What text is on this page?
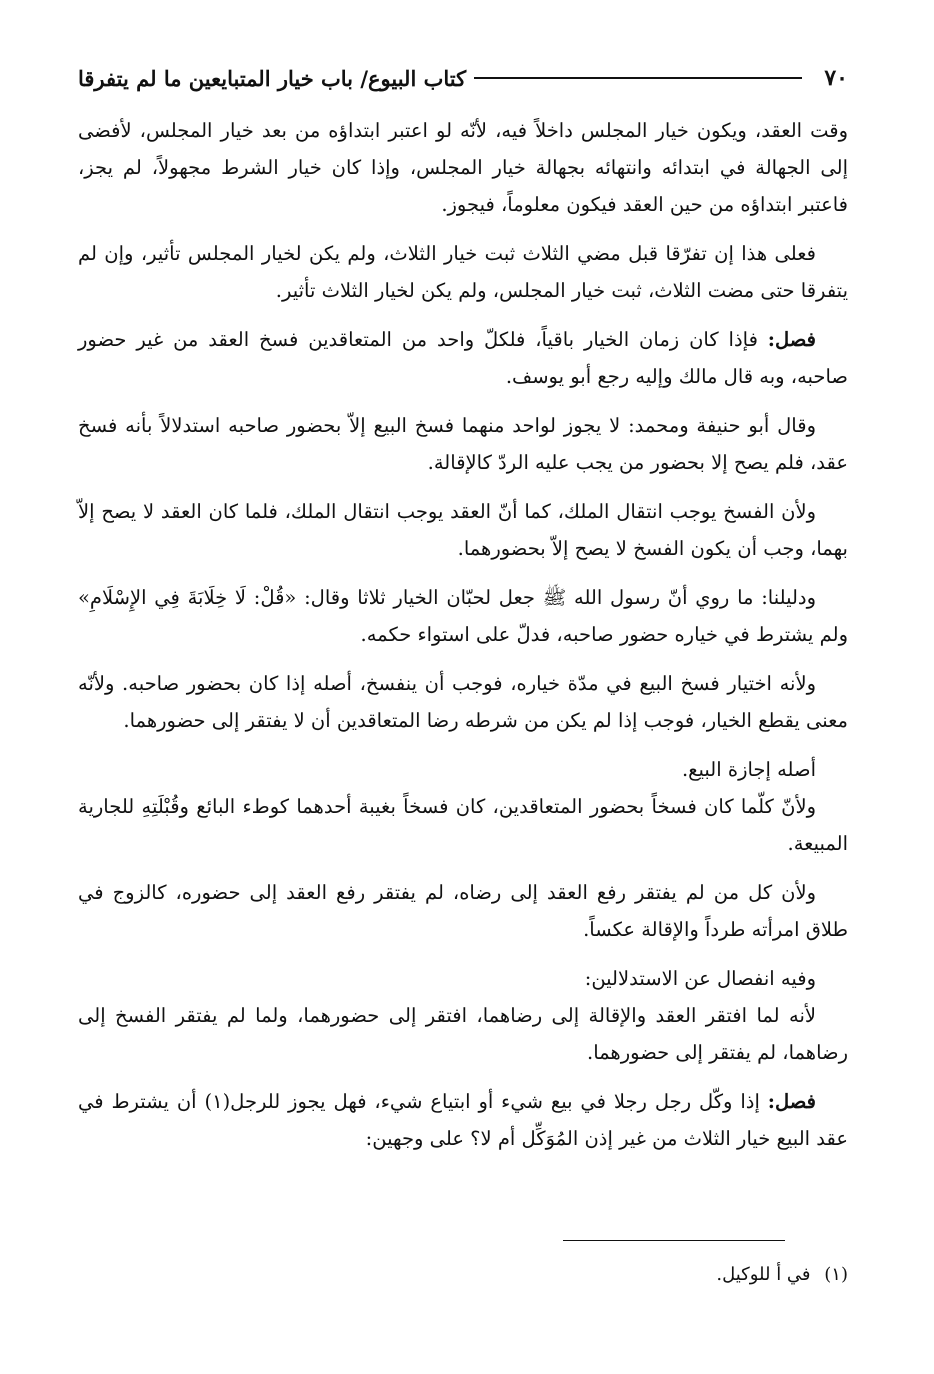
٧٠
كتاب البيوع/ باب خيار المتبايعين ما لم يتفرقا

وقت العقد، ويكون خيار المجلس داخلاً فيه، لأنّه لو اعتبر ابتداؤه من بعد خيار المجلس، لأفضى إلى الجهالة في ابتدائه وانتهائه بجهالة خيار المجلس، وإذا كان خيار الشرط مجهولاً، لم يجز، فاعتبر ابتداؤه من حين العقد فيكون معلوماً، فيجوز.

فعلى هذا إن تفرّقا قبل مضي الثلاث ثبت خيار الثلاث، ولم يكن لخيار المجلس تأثير، وإن لم يتفرقا حتى مضت الثلاث، ثبت خيار المجلس، ولم يكن لخيار الثلاث تأثير.

فصل: فإذا كان زمان الخيار باقياً، فلكلّ واحد من المتعاقدين فسخ العقد من غير حضور صاحبه، وبه قال مالك وإليه رجع أبو يوسف.

وقال أبو حنيفة ومحمد: لا يجوز لواحد منهما فسخ البيع إلاّ بحضور صاحبه استدلالاً بأنه فسخ عقد، فلم يصح إلا بحضور من يجب عليه الردّ كالإقالة.

ولأن الفسخ يوجب انتقال الملك، كما أنّ العقد يوجب انتقال الملك، فلما كان العقد لا يصح إلاّ بهما، وجب أن يكون الفسخ لا يصح إلاّ بحضورهما.

ودليلنا: ما روي أنّ رسول الله ﷺ جعل لحبّان الخيار ثلاثا وقال: «قُلْ: لَا خِلَابَةَ فِي الإِسْلَامِ» ولم يشترط في خياره حضور صاحبه، فدلّ على استواء حكمه.

ولأنه اختيار فسخ البيع في مدّة خياره، فوجب أن ينفسخ، أصله إذا كان بحضور صاحبه. ولأنّه معنى يقطع الخيار، فوجب إذا لم يكن من شرطه رضا المتعاقدين أن لا يفتقر إلى حضورهما.

أصله إجازة البيع.

ولأنّ كلّما كان فسخاً بحضور المتعاقدين، كان فسخاً بغيبة أحدهما كوطء البائع وقُبْلَتِهِ للجارية المبيعة.

ولأن كل من لم يفتقر رفع العقد إلى رضاه، لم يفتقر رفع العقد إلى حضوره، كالزوج في طلاق امرأته طرداً والإقالة عكساً.

وفيه انفصال عن الاستدلالين:

لأنه لما افتقر العقد والإقالة إلى رضاهما، افتقر إلى حضورهما، ولما لم يفتقر الفسخ إلى رضاهما، لم يفتقر إلى حضورهما.

فصل: إذا وكّل رجل رجلا في بيع شيء أو ابتياع شيء، فهل يجوز للرجل(١) أن يشترط في عقد البيع خيار الثلاث من غير إذن المُوَكِّل أم لا؟ على وجهين:

(١) في أ للوكيل.
